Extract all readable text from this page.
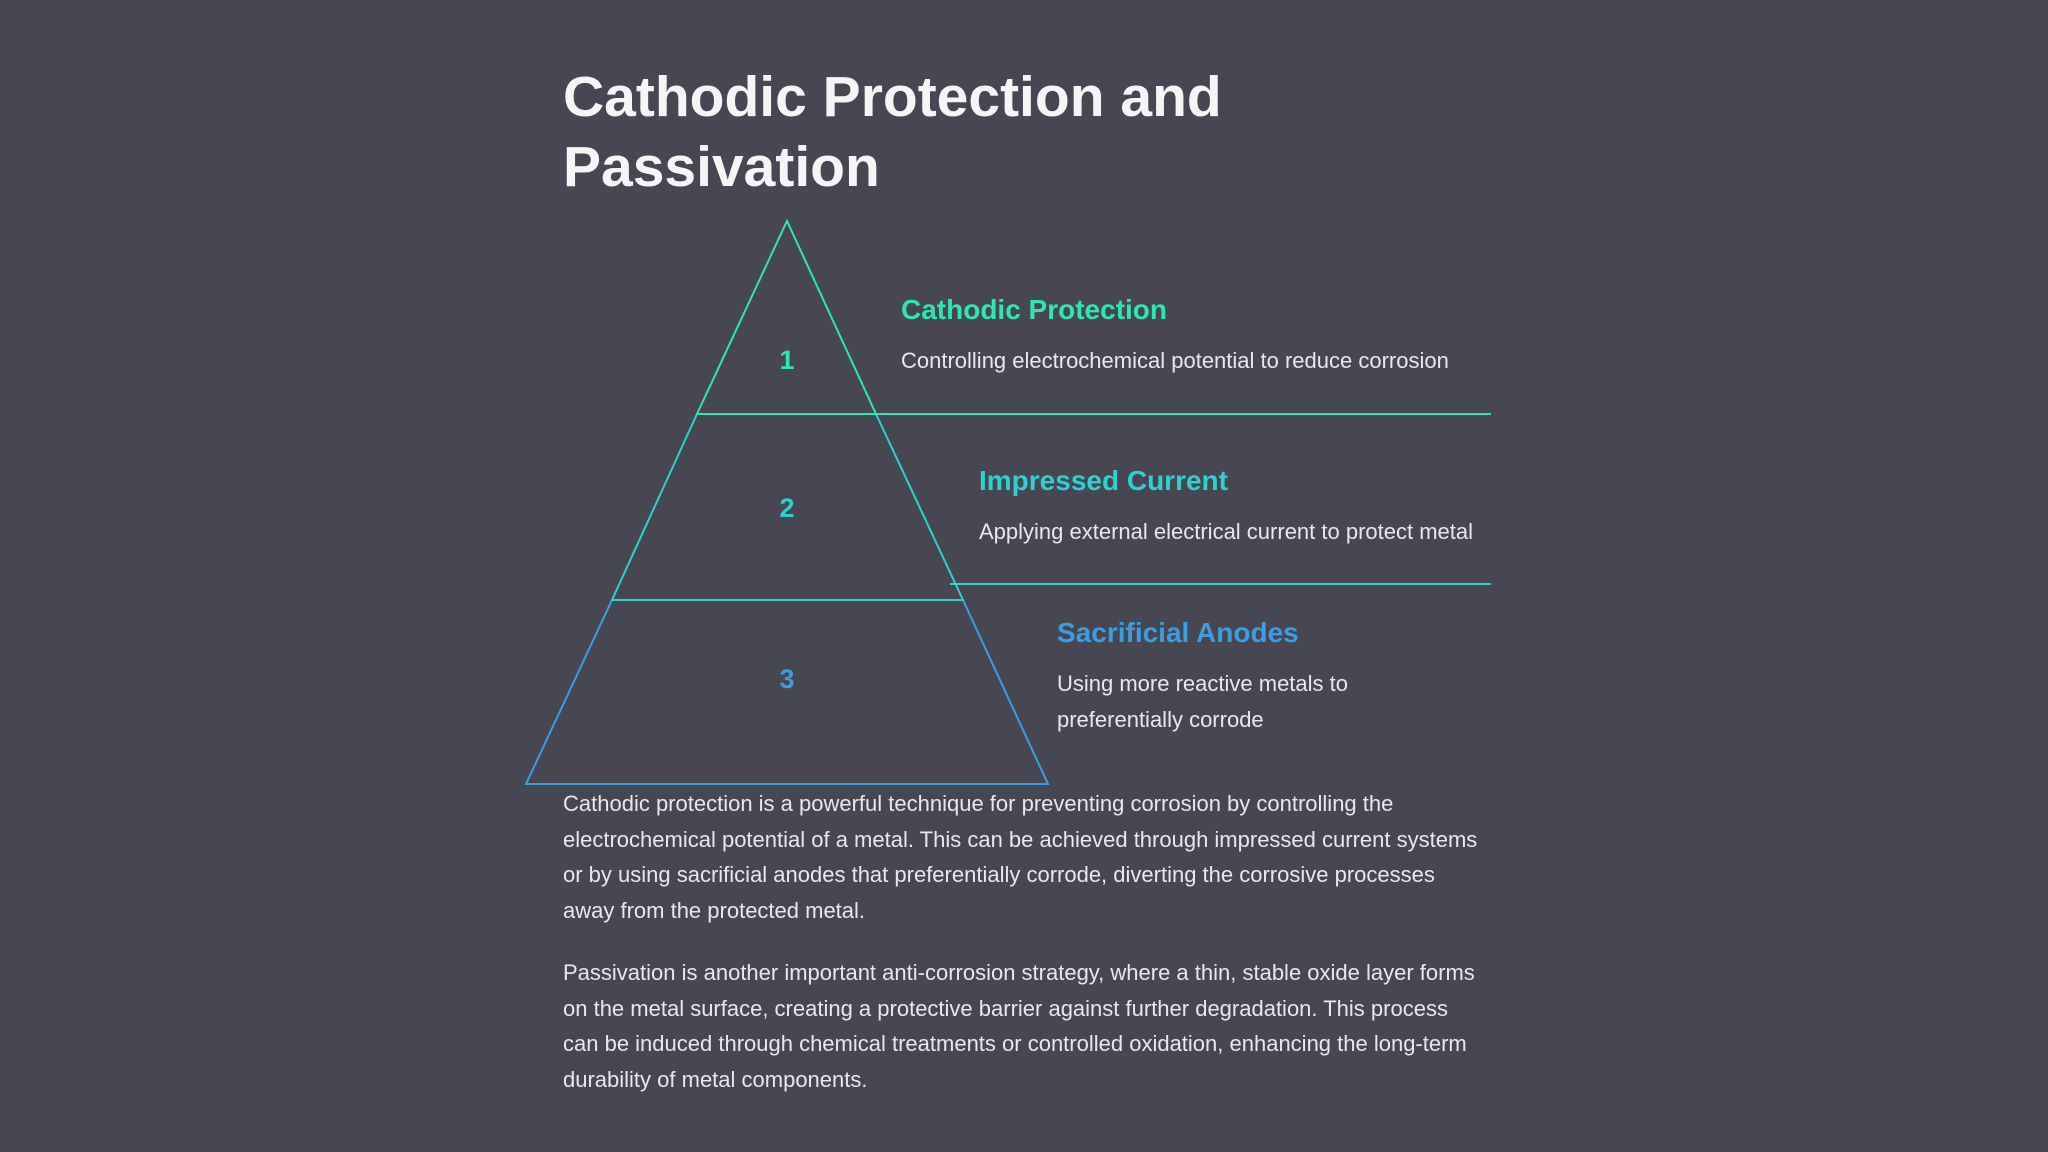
Cathodic Protection and Passivation
1
2
3
Cathodic Protection

Controlling electrochemical potential to reduce corrosion

Impressed Current

Applying external electrical current to protect metal

Sacrificial Anodes

Using more reactive metals to preferentially corrode

Cathodic protection is a powerful technique for preventing corrosion by controlling the electrochemical potential of a metal. This can be achieved through impressed current systems or by using sacrificial anodes that preferentially corrode, diverting the corrosive processes away from the protected metal.

Passivation is another important anti-corrosion strategy, where a thin, stable oxide layer forms on the metal surface, creating a protective barrier against further degradation. This process can be induced through chemical treatments or controlled oxidation, enhancing the long-term durability of metal components.
